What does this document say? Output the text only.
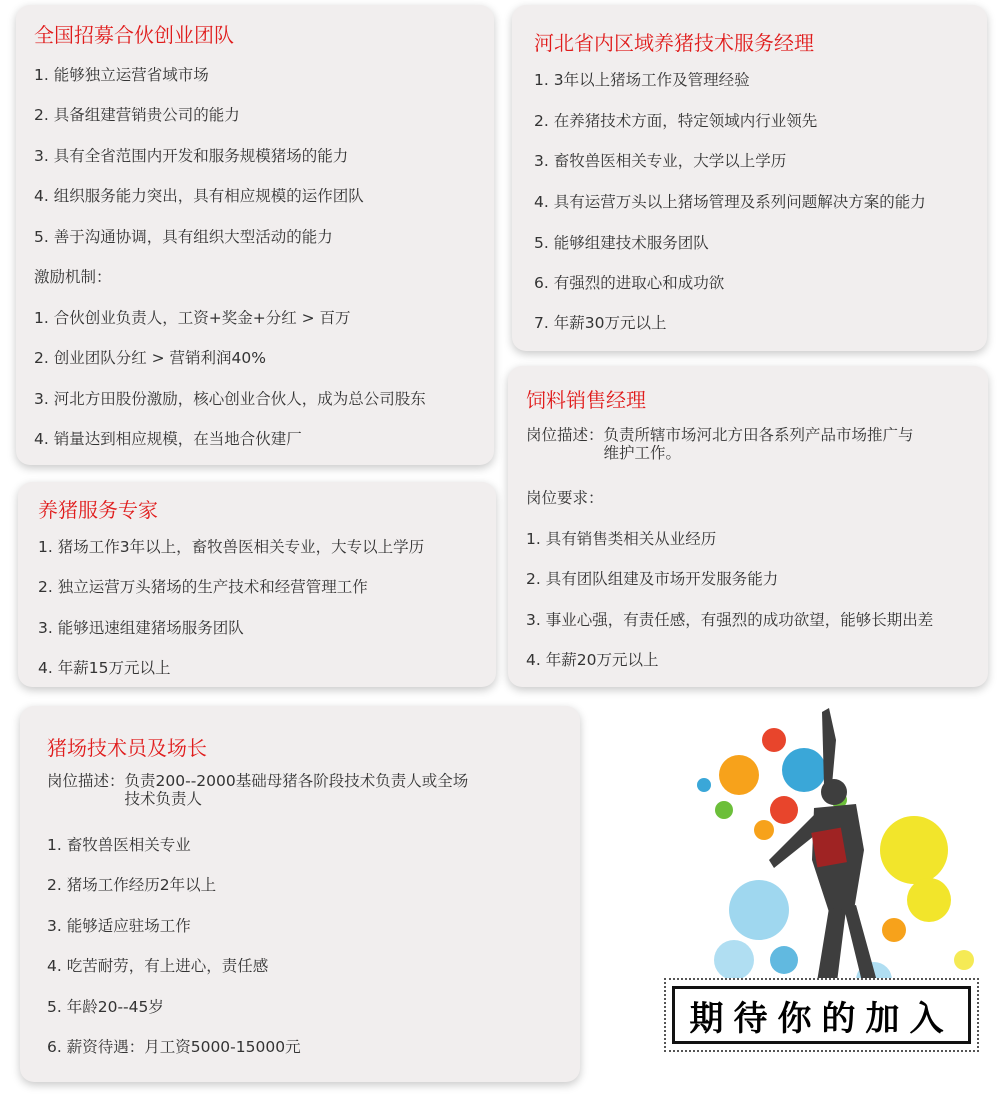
全国招募合伙创业团队
1. 能够独立运营省域市场
2. 具备组建营销贵公司的能力
3. 具有全省范围内开发和服务规模猪场的能力
4. 组织服务能力突出，具有相应规模的运作团队
5. 善于沟通协调，具有组织大型活动的能力
激励机制：
1. 合伙创业负责人，工资+奖金+分红 > 百万
2. 创业团队分红 > 营销利润40%
3. 河北方田股份激励，核心创业合伙人，成为总公司股东
4. 销量达到相应规模，在当地合伙建厂
河北省内区域养猪技术服务经理
1. 3年以上猪场工作及管理经验
2. 在养猪技术方面，特定领域内行业领先
3. 畜牧兽医相关专业，大学以上学历
4. 具有运营万头以上猪场管理及系列问题解决方案的能力
5. 能够组建技术服务团队
6. 有强烈的进取心和成功欲
7. 年薪30万元以上
养猪服务专家
1. 猪场工作3年以上，畜牧兽医相关专业，大专以上学历
2. 独立运营万头猪场的生产技术和经营管理工作
3. 能够迅速组建猪场服务团队
4. 年薪15万元以上
饲料销售经理
岗位描述：负责所辖市场河北方田各系列产品市场推广与维护工作。
岗位要求：
1. 具有销售类相关从业经历
2. 具有团队组建及市场开发服务能力
3. 事业心强，有责任感，有强烈的成功欲望，能够长期出差
4. 年薪20万元以上
猪场技术员及场长
岗位描述：负责200--2000基础母猪各阶段技术负责人或全场技术负责人
1. 畜牧兽医相关专业
2. 猪场工作经历2年以上
3. 能够适应驻场工作
4. 吃苦耐劳，有上进心，责任感
5. 年龄20--45岁
6. 薪资待遇：月工资5000-15000元
期待你的加入
